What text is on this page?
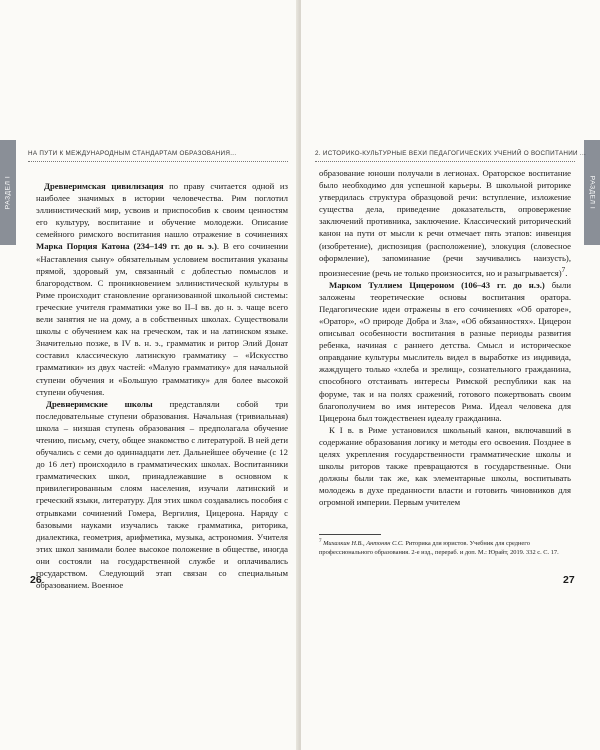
РАЗДЕЛ I
НА ПУТИ К МЕЖДУНАРОДНЫМ СТАНДАРТАМ ОБРАЗОВАНИЯ...

Древнеримская цивилизация по праву считается одной из наиболее значимых в истории человечества. Рим поглотил эллинистический мир, усвоив и приспособив к своим ценностям его культуру, воспитание и обучение молодежи. Описание семейного римского воспитания нашло отражение в сочинениях Марка Порция Катона (234–149 гг. до н. э.). В его сочинении «Наставления сыну» обязательным условием воспитания указаны прямой, здоровый ум, связанный с доблестью помыслов и благородством. С проникновением эллинистической культуры в Риме происходит становление организованной школьной системы: греческие учителя грамматики уже во II–I вв. до н. э. чаще всего вели занятия не на дому, а в собственных школах. Существовали школы с обучением как на греческом, так и на латинском языке. Значительно позже, в IV в. н. э., грамматик и ритор Элий Донат составил классическую латинскую грамматику – «Искусство грамматики» из двух частей: «Малую грамматику» для начальной ступени обучения и «Большую грамматику» для более высокой ступени обучения.

Древнеримские школы представляли собой три последовательные ступени образования. Начальная (тривиальная) школа – низшая ступень образования – предполагала обучение чтению, письму, счету, общее знакомство с литературой. В ней дети обучались с семи до одиннадцати лет. Дальнейшее обучение (с 12 до 16 лет) происходило в грамматических школах. Воспитанники грамматических школ, принадлежавшие в основном к привилегированным слоям населения, изучали латинский и греческий языки, литературу. Для этих школ создавались пособия с отрывками сочинений Гомера, Вергилия, Цицерона. Наряду с базовыми науками изучались также грамматика, риторика, диалектика, геометрия, арифметика, музыка, астрономия. Учителя этих школ занимали более высокое положение в обществе, иногда они состояли на государственной службе и оплачивались государством. Следующий этап связан со специальным образованием. Военное

26
РАЗДЕЛ I
2. ИСТОРИКО-КУЛЬТУРНЫЕ ВЕХИ ПЕДАГОГИЧЕСКИХ УЧЕНИЙ О ВОСПИТАНИИ ...

образование юноши получали в легионах. Ораторское воспитание было необходимо для успешной карьеры. В школьной риторике утвердилась структура образцовой речи: вступление, изложение существа дела, приведение доказательств, опровержение заключений противника, заключение. Классический риторический канон на пути от мысли к речи отмечает пять этапов: инвенция (изобретение), диспозиция (расположение), элокуция (словесное оформление), запоминание (речи заучивались наизусть), произнесение (речь не только произносится, но и разыгрывается)$^7$.

Марком Туллием Цицероном (106–43 гг. до н.э.) были заложены теоретические основы воспитания оратора. Педагогические идеи отражены в его сочинениях «Об ораторе», «Оратор», «О природе Добра и Зла», «Об обязанностях». Цицерон описывал особенности воспитания в разные периоды развития ребенка, начиная с раннего детства. Смысл и историческое оправдание культуры мыслитель видел в выработке из индивида, жаждущего только «хлеба и зрелищ», сознательного гражданина, способного отстаивать интересы Римской республики как на форуме, так и на полях сражений, готового пожертвовать своим благополучием во имя интересов Рима. Идеал человека для Цицерона был тождественен идеалу гражданина.

К I в. в Риме установился школьный канон, включавший в содержание образования логику и методы его освоения. Позднее в целях укрепления государственности грамматические школы и школы риторов также превращаются в государственные. Они должны были так же, как элементарные школы, воспитывать молодежь в духе преданности власти и готовить чиновников для огромной империи. Первым учителем

$^7$ Михалкин Н.В., Антонян С.С. Риторика для юристов. Учебник для среднего профессионального образования. 2-е изд., перераб. и доп. М.: Юрайт, 2019. 332 с. С. 17.
27
